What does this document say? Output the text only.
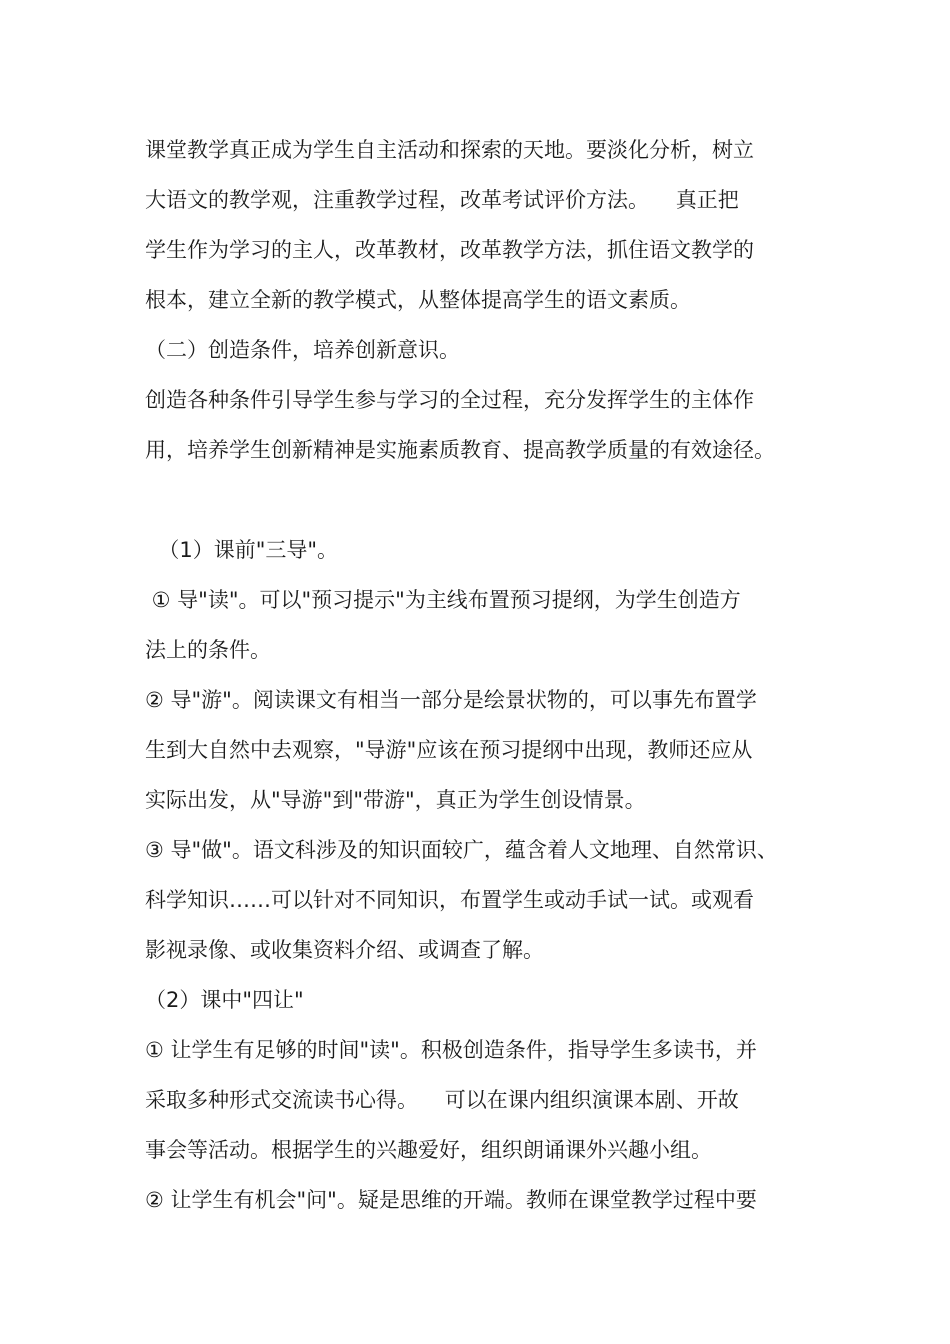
课堂教学真正成为学生自主活动和探索的天地。要淡化分析，树立
大语文的教学观，注重教学过程，改革考试评价方法。    真正把
学生作为学习的主人，改革教材，改革教学方法，抓住语文教学的
根本，建立全新的教学模式，从整体提高学生的语文素质。
（二）创造条件，培养创新意识。
创造各种条件引导学生参与学习的全过程，充分发挥学生的主体作
用，培养学生创新精神是实施素质教育、提高教学质量的有效途径。
（1）课前"三导"。
① 导"读"。可以"预习提示"为主线布置预习提纲，为学生创造方
法上的条件。
② 导"游"。阅读课文有相当一部分是绘景状物的，可以事先布置学
生到大自然中去观察，"导游"应该在预习提纲中出现，教师还应从
实际出发，从"导游"到"带游"，真正为学生创设情景。
③ 导"做"。语文科涉及的知识面较广，蕴含着人文地理、自然常识、
科学知识……可以针对不同知识，布置学生或动手试一试。或观看
影视录像、或收集资料介绍、或调查了解。
（2）课中"四让"
① 让学生有足够的时间"读"。积极创造条件，指导学生多读书，并
采取多种形式交流读书心得。    可以在课内组织演课本剧、开故
事会等活动。根据学生的兴趣爱好，组织朗诵课外兴趣小组。
② 让学生有机会"问"。疑是思维的开端。教师在课堂教学过程中要
